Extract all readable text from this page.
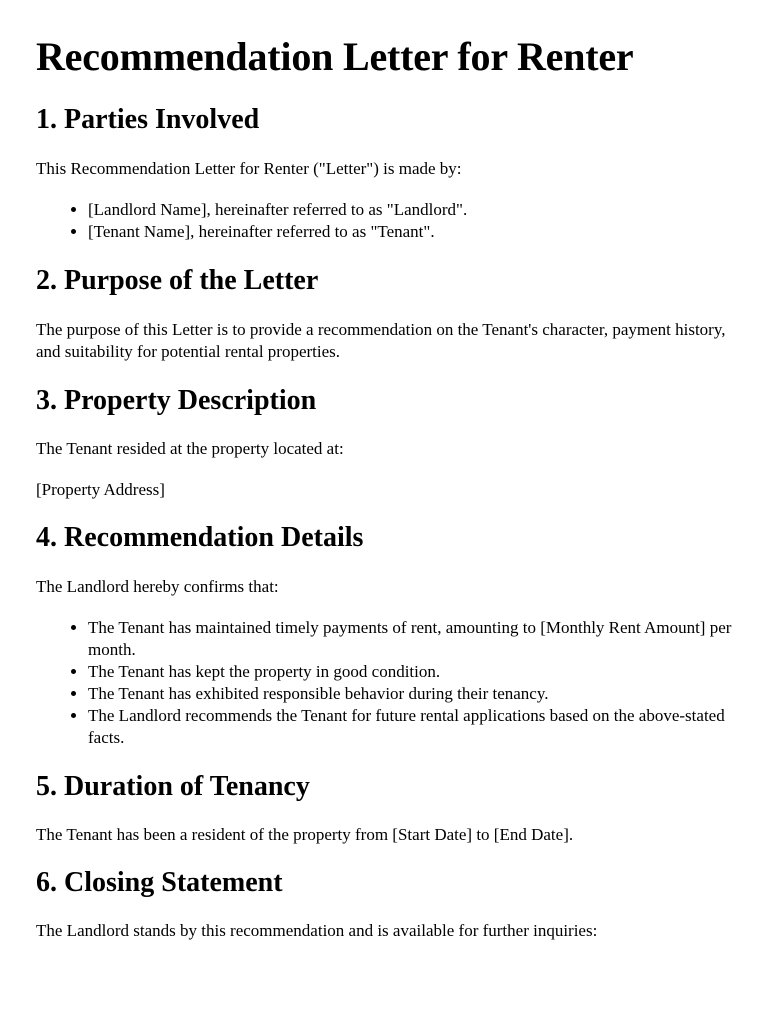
Recommendation Letter for Renter
1. Parties Involved

This Recommendation Letter for Renter ("Letter") is made by:

• [Landlord Name], hereinafter referred to as "Landlord".
• [Tenant Name], hereinafter referred to as "Tenant".
2. Purpose of the Letter

The purpose of this Letter is to provide a recommendation on the Tenant's character, payment history, and suitability for potential rental properties.

3. Property Description

The Tenant resided at the property located at:

[Property Address]

4. Recommendation Details

The Landlord hereby confirms that:

• The Tenant has maintained timely payments of rent, amounting to [Monthly Rent Amount] per month.
• The Tenant has kept the property in good condition.
• The Tenant has exhibited responsible behavior during their tenancy.
• The Landlord recommends the Tenant for future rental applications based on the above-stated facts.
5. Duration of Tenancy

The Tenant has been a resident of the property from [Start Date] to [End Date].

6. Closing Statement

The Landlord stands by this recommendation and is available for further inquiries:
